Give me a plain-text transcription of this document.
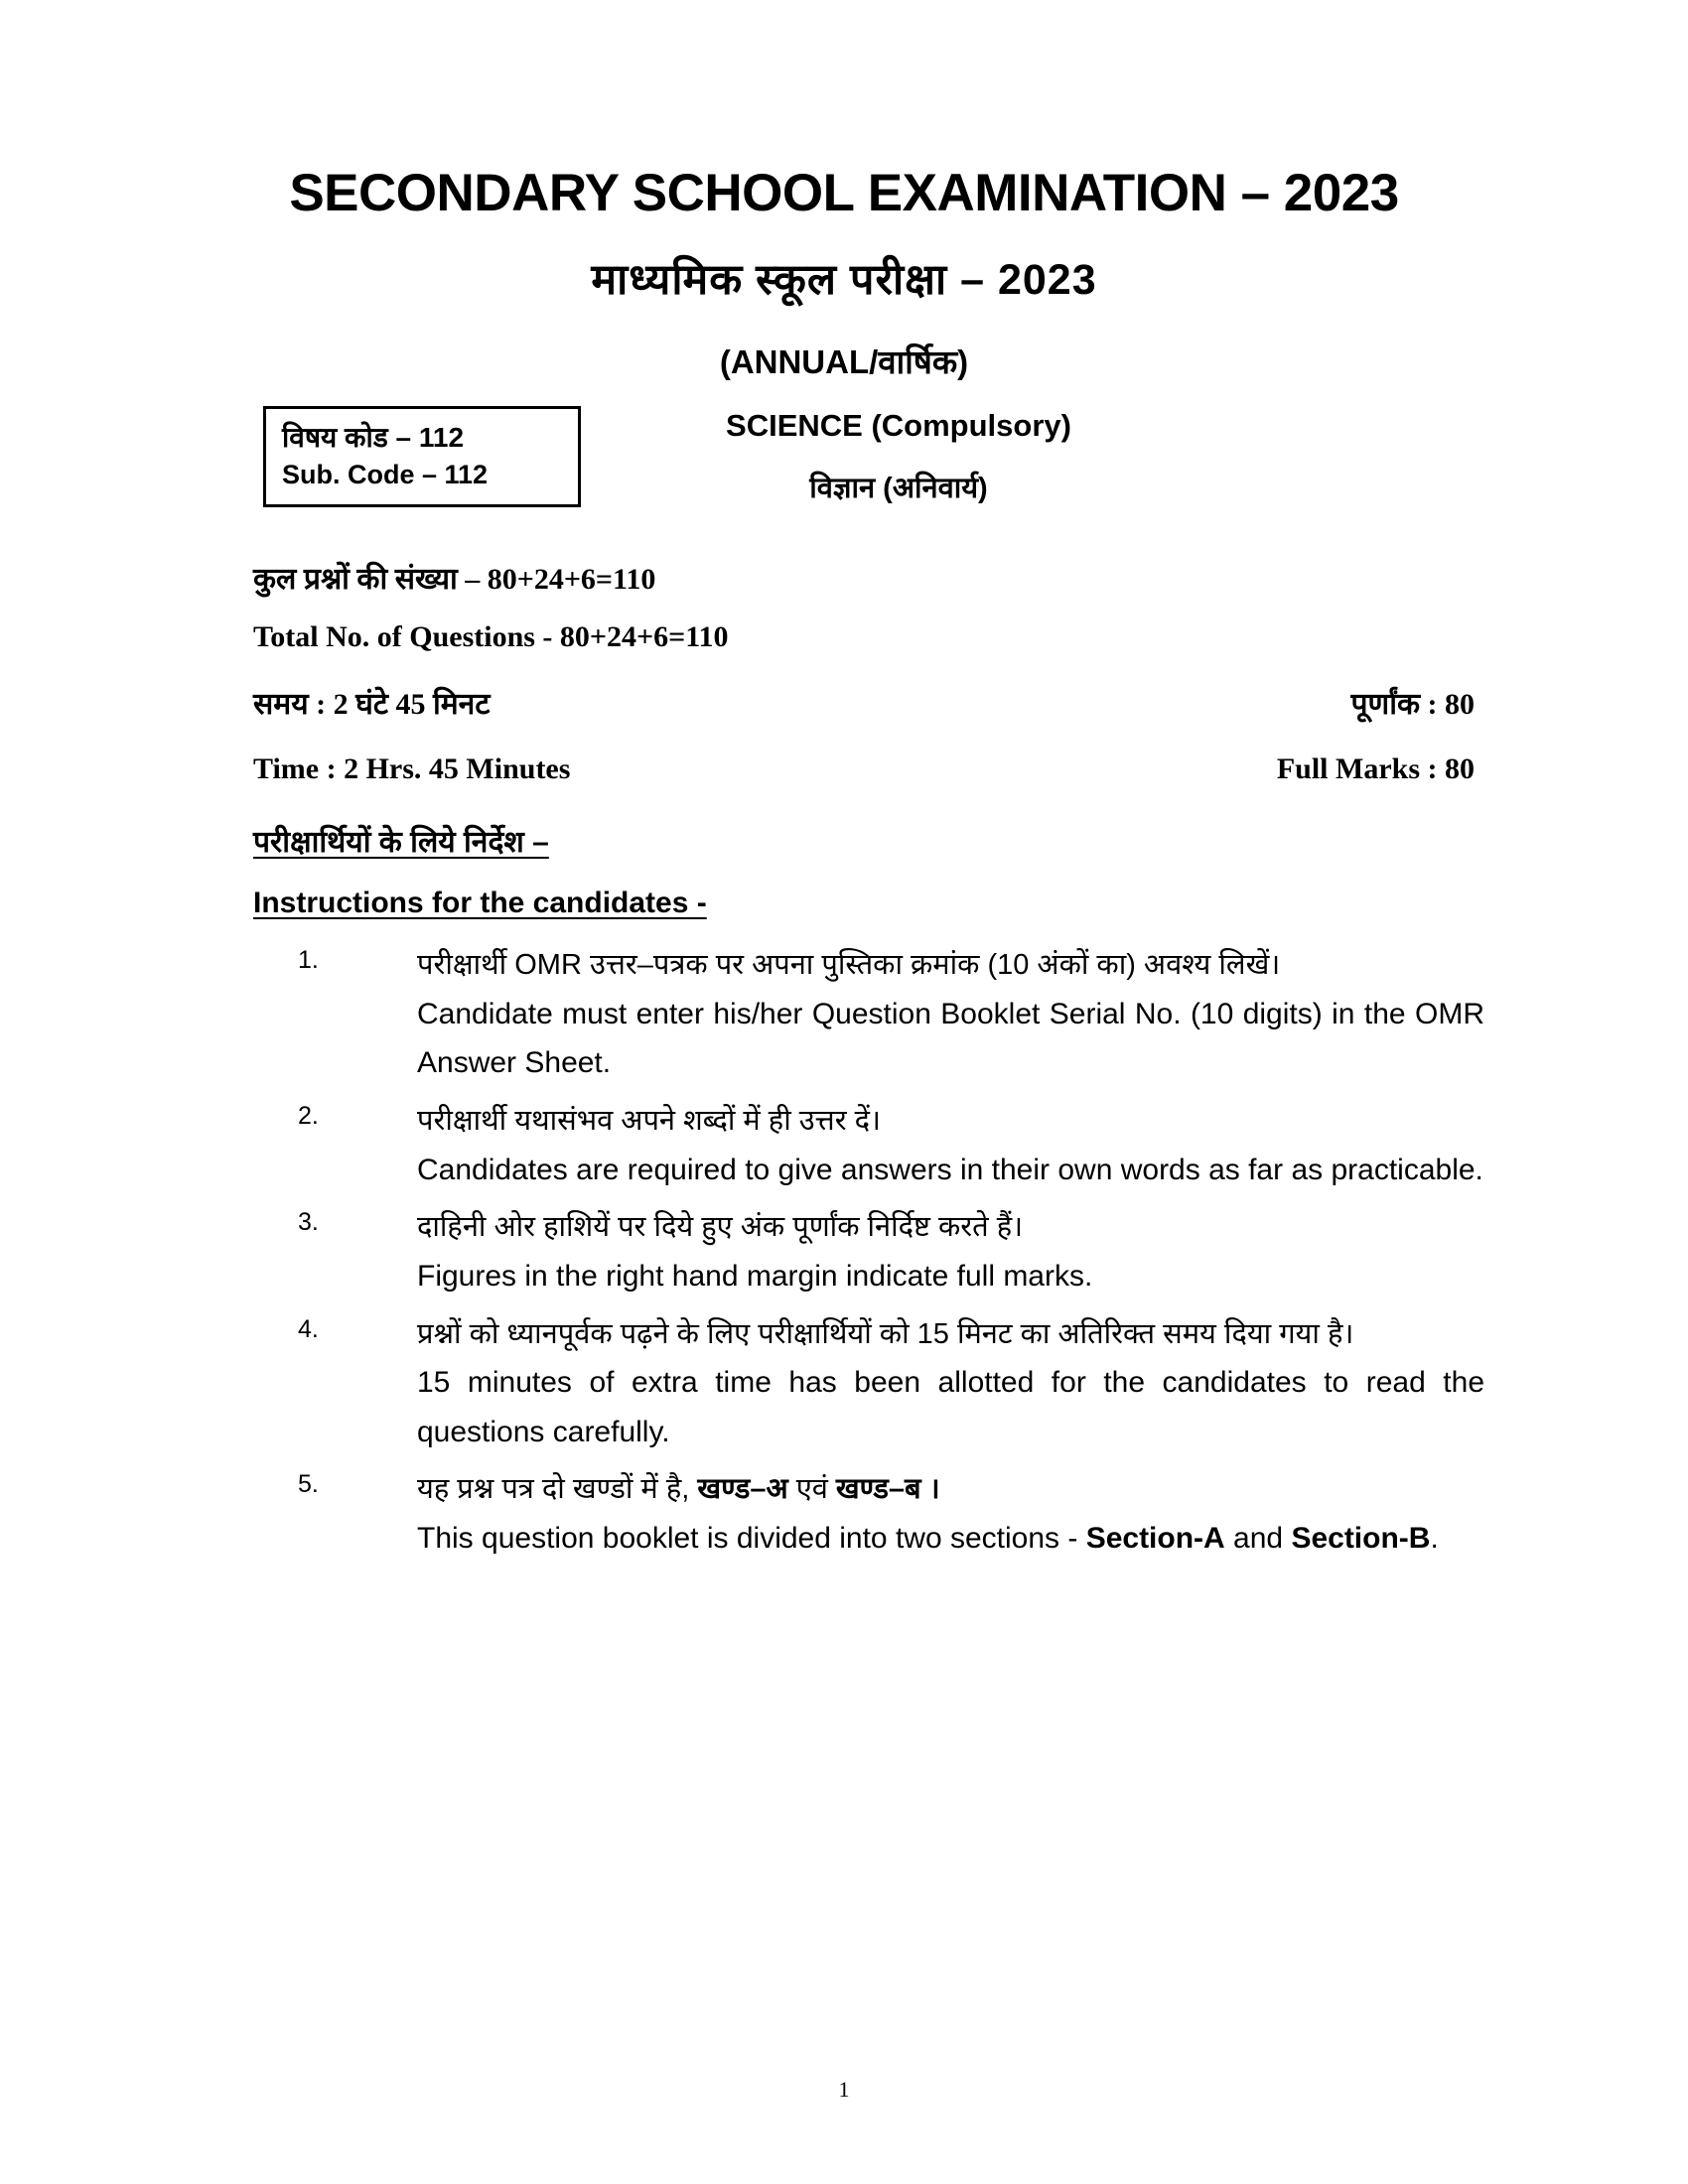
SECONDARY SCHOOL EXAMINATION – 2023
माध्यमिक स्कूल परीक्षा – 2023
(ANNUAL/वार्षिक)
विषय कोड – 112
Sub. Code – 112
SCIENCE (Compulsory)
विज्ञान (अनिवार्य)
कुल प्रश्नों की संख्या – 80+24+6=110
Total No. of Questions - 80+24+6=110
समय : 2 घंटे 45 मिनट	पूर्णांक : 80
Time : 2 Hrs. 45 Minutes	Full Marks : 80
परीक्षार्थियों के लिये निर्देश –
Instructions for the candidates -
1.	परीक्षार्थी OMR उत्तर–पत्रक पर अपना पुस्तिका क्रमांक (10 अंकों का) अवश्य लिखें।
Candidate must enter his/her Question Booklet Serial No. (10 digits) in the OMR Answer Sheet.
2.	परीक्षार्थी यथासंभव अपने शब्दों में ही उत्तर दें।
Candidates are required to give answers in their own words as far as practicable.
3.	दाहिनी ओर हाशियें पर दिये हुए अंक पूर्णांक निर्दिष्ट करते हैं।
Figures in the right hand margin indicate full marks.
4.	प्रश्नों को ध्यानपूर्वक पढ़ने के लिए परीक्षार्थियों को 15 मिनट का अतिरिक्त समय दिया गया है।
15 minutes of extra time has been allotted for the candidates to read the questions carefully.
5.	यह प्रश्न पत्र दो खण्डों में है, खण्ड–अ एवं खण्ड–ब ।
This question booklet is divided into two sections - Section-A and Section-B.
1
